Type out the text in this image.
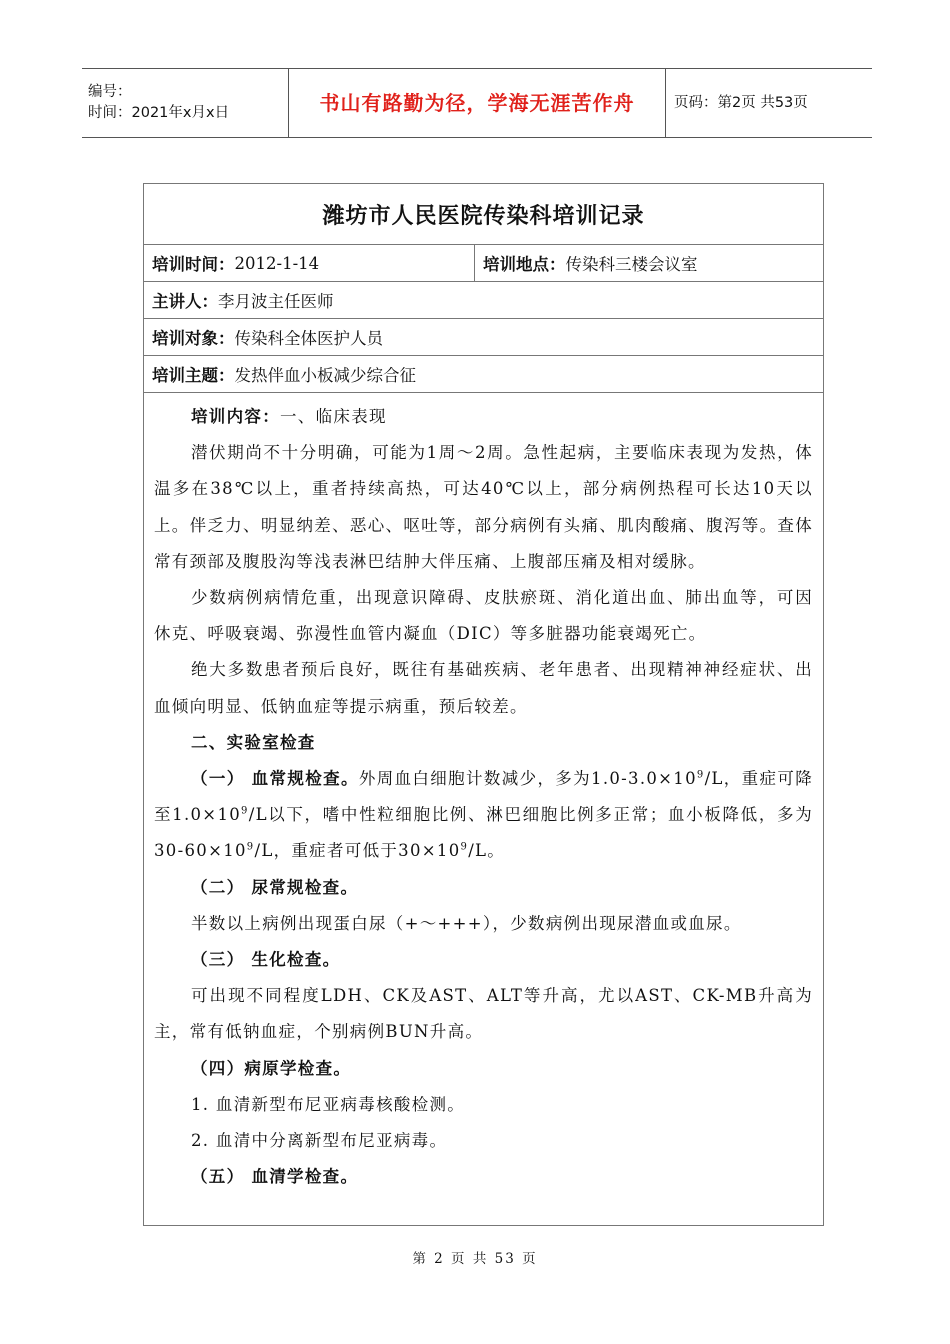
编号：
时间：2021年x月x日	书山有路勤为径，学海无涯苦作舟	页码：第2页 共53页
潍坊市人民医院传染科培训记录
培训时间： 2012-1-14	培训地点： 传染科三楼会议室
主讲人： 李月波主任医师
培训对象： 传染科全体医护人员
培训主题： 发热伴血小板减少综合征

培训内容：一、临床表现

潜伏期尚不十分明确，可能为1周～2周。急性起病，主要临床表现为发热，体温多在38℃以上，重者持续高热，可达40℃以上，部分病例热程可长达10天以上。伴乏力、明显纳差、恶心、呕吐等，部分病例有头痛、肌肉酸痛、腹泻等。查体常有颈部及腹股沟等浅表淋巴结肿大伴压痛、上腹部压痛及相对缓脉。

少数病例病情危重，出现意识障碍、皮肤瘀斑、消化道出血、肺出血等，可因休克、呼吸衰竭、弥漫性血管内凝血（DIC）等多脏器功能衰竭死亡。

绝大多数患者预后良好，既往有基础疾病、老年患者、出现精神神经症状、出血倾向明显、低钠血症等提示病重，预后较差。

二、实验室检查

（一） 血常规检查。外周血白细胞计数减少，多为$1.0-3.0\times 10^9/L$，重症可降至$1.0\times 10^9/L$以下，嗜中性粒细胞比例、淋巴细胞比例多正常；血小板降低，多为$30-60\times 10^9/L$，重症者可低于$30\times 10^9/L$。

（二） 尿常规检查。

半数以上病例出现蛋白尿（+～+++），少数病例出现尿潜血或血尿。

（三） 生化检查。

可出现不同程度LDH、CK及AST、ALT等升高，尤以AST、CK-MB升高为主，常有低钠血症，个别病例BUN升高。

（四）病原学检查。

1. 血清新型布尼亚病毒核酸检测。

2. 血清中分离新型布尼亚病毒。

（五） 血清学检查。

第 2 页 共 53 页
